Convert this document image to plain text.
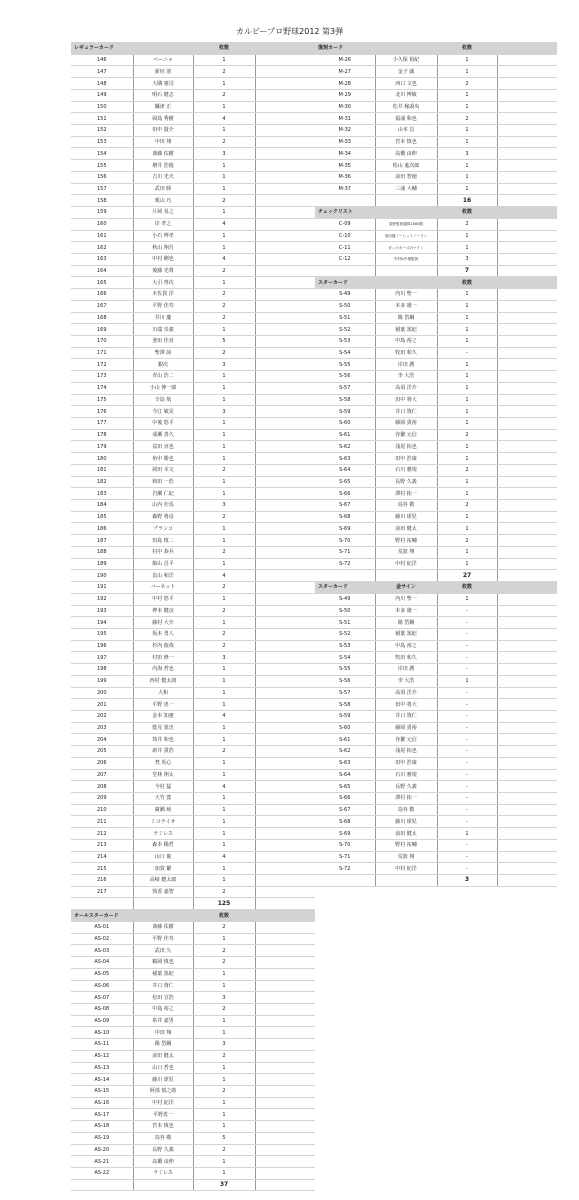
カルビープロ野球2012 第3弾
レギュラーカード		枚数	
146	ベーニャ	1	
147	新垣 渚	2	
148	大隣 憲司	1	
149	明石 健志	2	
150	攝津 正	1	
151	岡島 秀樹	4	
152	田中 賢介	1	
153	中田 翔	2	
154	斎藤 佑樹	3	
155	増井 浩俊	1	
156	吉川 光夫	1	
157	武田 勝	1	
158	栗山 巧	2	
159	片岡 易之	1	
160	岸 孝之	4	
161	小石 博孝	1	
162	秋山 翔吾	1	
163	中村 剛也	4	
164	後藤 光尊	2	
165	大引 啓次	1	
166	木佐貫 洋	2	
167	平野 佳寿	2	
168	井川 慶	2	
169	川端 崇義	1	
170	釜田 佳直	5	
171	聖澤 諒	2	
172	銀次	3	
173	青山 浩二	1	
174	小山 伸一郎	1	
175	辛島 航	1	
176	今江 敏晃	3	
177	中後 悠平	1	
178	成瀬 善久	1	
179	益田 直也	1	
180	角中 勝也	1	
181	岡田 幸文	2	
182	和田 一浩	1	
183	岩瀬 仁紀	1	
184	山内 壮馬	3	
185	森野 将彦	2	
186	ブランコ	1	
187	田島 慎二	1	
188	村中 恭兵	2	
189	館山 昌平	1	
190	畠山 和洋	4	
191	バーネット	2	
192	中村 悠平	1	
193	押本 健彦	2	
194	藤村 大介	1	
195	坂本 勇人	2	
196	杉内 俊哉	2	
197	村田 修一	3	
198	内海 哲也	1	
199	西村 健太朗	1	
200	大和	1	
201	平野 恵一	1	
202	金本 知憲	4	
203	能見 篤史	1	
204	筒井 和也	1	
205	新井 貴浩	2	
206	梵 英心	1	
207	堂林 翔太	1	
208	今村 猛	4	
209	大竹 寛	1	
210	廣瀬 純	1	
211	ミコライオ	1	
212	ラミレス	1	
213	森本 稀哲	1	
214	山口 俊	4	
215	加賀 繁	1	
216	高崎 健太郎	1	
217	筒香 嘉智	2	
		125	
オールスターカード		枚数	
AS-01	斎藤 佑樹	2	
AS-02	平野 佳寿	1	
AS-03	武田 久	2	
AS-04	鶴岡 慎也	2	
AS-05	稲葉 篤紀	1	
AS-06	井口 資仁	1	
AS-07	松田 宣浩	3	
AS-08	中島 裕之	2	
AS-09	糸井 嘉男	1	
AS-10	中田 翔	1	
AS-11	陽 岱鋼	3	
AS-12	前田 健太	2	
AS-13	山口 哲也	1	
AS-14	藤川 球児	1	
AS-15	阿部 慎之助	2	
AS-16	中村 紀洋	1	
AS-17	平野恵一	1	
AS-18	宮本 慎也	1	
AS-19	鳥谷 敬	5	
AS-20	長野 久義	2	
AS-21	高橋 由伸	1	
AS-22	ラミレス	1	
		37	
復刻カード		枚数	
M-26	小久保 裕紀	1	
M-27	金子 誠	1	
M-28	西口 文也	2	
M-29	北川 博敏	1	
M-30	松井 稼頭央	1	
M-31	福浦 和也	2	
M-32	山本 昌	1	
M-33	宮本 慎也	1	
M-34	高橋 由伸	3	
M-35	桧山 進次郎	1	
M-36	前田 智徳	1	
M-37	三浦 大輔	1	
		16	
チェックリスト		枚数	
C-09	星野監督通算1000勝	2	
C-10	前田健ノーヒットノーラン	1	
C-11	ガッツポーズのナイン	1	
C-12	中村&中畑監督	3	
		7	
スターカード		枚数	
S-49	内川 聖一	1	
S-50	本多 雄一	1	
S-51	陽 岱鋼	1	
S-52	稲葉 篤紀	1	
S-53	中島 裕之	1	
S-54	牧田 和久	-	
S-55	岸田 護	1	
S-56	李 大浩	1	
S-57	高須 洋介	1	
S-58	田中 将大	1	
S-59	井口 資仁	1	
S-60	藤岡 貴裕	1	
S-61	谷繁 元信	2	
S-62	浅尾 拓也	1	
S-63	田中 浩康	1	
S-64	石川 雅規	2	
S-65	長野 久義	1	
S-66	澤村 拓一	1	
S-67	鳥谷 敬	2	
S-68	藤川 球児	1	
S-69	前田 健太	1	
S-70	野村 祐輔	2	
S-71	荒波 翔	1	
S-72	中村 紀洋	1	
		27	
スターカード	金サイン	枚数	
S-49	内川 聖一	1	
S-50	本多 雄一	-	
S-51	陽 岱鋼	-	
S-52	稲葉 篤紀	-	
S-53	中島 裕之	-	
S-54	牧田 和久	-	
S-55	岸田 護	-	
S-56	李 大浩	1	
S-57	高須 洋介	-	
S-58	田中 将大	-	
S-59	井口 資仁	-	
S-60	藤岡 貴裕	-	
S-61	谷繁 元信	-	
S-62	浅尾 拓也	-	
S-63	田中 浩康	-	
S-64	石川 雅規	-	
S-65	長野 久義	-	
S-66	澤村 拓一	-	
S-67	鳥谷 敬	-	
S-68	藤川 球児	-	
S-69	前田 健太	1	
S-70	野村 祐輔	-	
S-71	荒波 翔	-	
S-72	中村 紀洋	-	
		3	
